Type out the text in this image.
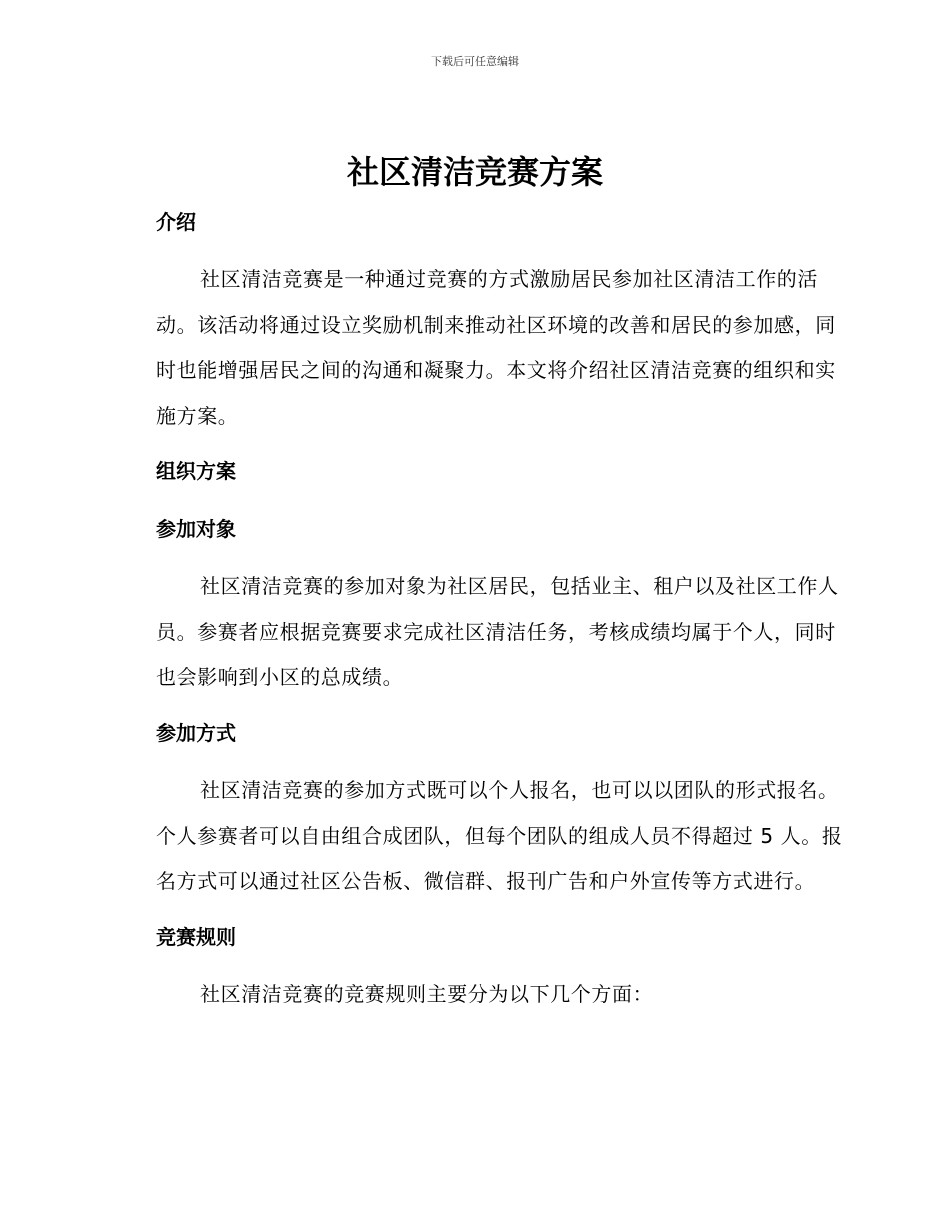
下载后可任意编辑
社区清洁竞赛方案
介绍
社区清洁竞赛是一种通过竞赛的方式激励居民参加社区清洁工作的活
动。该活动将通过设立奖励机制来推动社区环境的改善和居民的参加感，同
时也能增强居民之间的沟通和凝聚力。本文将介绍社区清洁竞赛的组织和实
施方案。
组织方案
参加对象
社区清洁竞赛的参加对象为社区居民，包括业主、租户以及社区工作人
员。参赛者应根据竞赛要求完成社区清洁任务，考核成绩均属于个人，同时
也会影响到小区的总成绩。
参加方式
社区清洁竞赛的参加方式既可以个人报名，也可以以团队的形式报名。
个人参赛者可以自由组合成团队，但每个团队的组成人员不得超过 5 人。报
名方式可以通过社区公告板、微信群、报刊广告和户外宣传等方式进行。
竞赛规则
社区清洁竞赛的竞赛规则主要分为以下几个方面：
